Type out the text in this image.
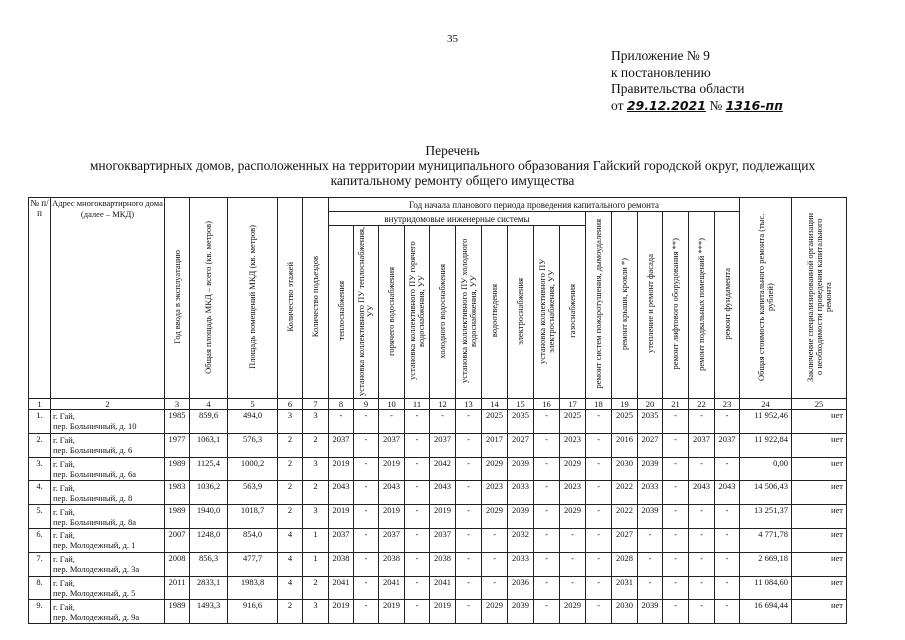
35
Приложение № 9
к постановлению
Правительства области
от 29.12.2021 № 1316-пп
Перечень
многоквартирных домов, расположенных на территории муниципального образования Гайский городской округ, подлежащих
капитальному ремонту общего имущества
№ п/п	Адрес многоквартирного дома (далее – МКД)	Год ввода в эксплуатацию	Общая площадь МКД – всего (кв. метров)	Площадь помещений МКД (кв. метров)	Количество этажей	Количество подъездов	Год начала планового периода проведения капитального ремонта																Общая стоимость капитального ремонта (тыс. рублей)	Заключение специализированной организации о необходимости проведения капитального ремонта
							внутридомовые инженерные системы										ремонт систем пожаротушения, дымоудаления	ремонт крыши, кровли *)	утепление и ремонт фасада	ремонт лифтового оборудования **)	ремонт подвальных помещений ***)	ремонт фундамента		
							теплоснабжения	установка коллективного ПУ теплоснабжения, УУ	горячего водоснабжения	установка коллективного ПУ горячего водоснабжения, УУ	холодного водоснабжения	установка коллективного ПУ холодного водоснабжения, УУ	водоотведения	электроснабжения	установка коллективного ПУ электроснабжения, УУ	газоснабжения								
1	2	3	4	5	6	7	8	9	10	11	12	13	14	15	16	17	18	19	20	21	22	23	24	25
1.	г. Гай,
пер. Больничный, д. 10	1985	859,6	494,0	3	3	-	-	-	-	-	-	2025	2035	-	2025	-	2025	2035	-	-	-	11 952,46	нет
2.	г. Гай,
пер. Больничный, д. 6	1977	1063,1	576,3	2	2	2037	-	2037	-	2037	-	2017	2027	-	2023	-	2016	2027	-	2037	2037	11 922,84	нет
3.	г. Гай,
пер. Больничный, д. 6а	1989	1125,4	1000,2	2	3	2019	-	2019	-	2042	-	2029	2039	-	2029	-	2030	2039	-	-	-	0,00	нет
4.	г. Гай,
пер. Больничный, д. 8	1983	1036,2	563,9	2	2	2043	-	2043	-	2043	-	2023	2033	-	2023	-	2022	2033	-	2043	2043	14 506,43	нет
5.	г. Гай,
пер. Больничный, д. 8а	1989	1940,0	1018,7	2	3	2019	-	2019	-	2019	-	2029	2039	-	2029	-	2022	2039	-	-	-	13 251,37	нет
6.	г. Гай,
пер. Молодежный, д. 1	2007	1248,0	854,0	4	1	2037	-	2037	-	2037	-	-	2032	-	-	-	2027	-	-	-	-	4 771,78	нет
7.	г. Гай,
пер. Молодежный, д. 3а	2008	856,3	477,7	4	1	2038	-	2038	-	2038	-	-	2033	-	-	-	2028	-	-	-	-	2 669,18	нет
8.	г. Гай,
пер. Молодежный, д. 5	2011	2833,1	1983,8	4	2	2041	-	2041	-	2041	-	-	2036	-	-	-	2031	-	-	-	-	11 084,60	нет
9.	г. Гай,
пер. Молодежный, д. 9а	1989	1493,3	916,6	2	3	2019	-	2019	-	2019	-	2029	2039	-	2029	-	2030	2039	-	-	-	16 694,44	нет
